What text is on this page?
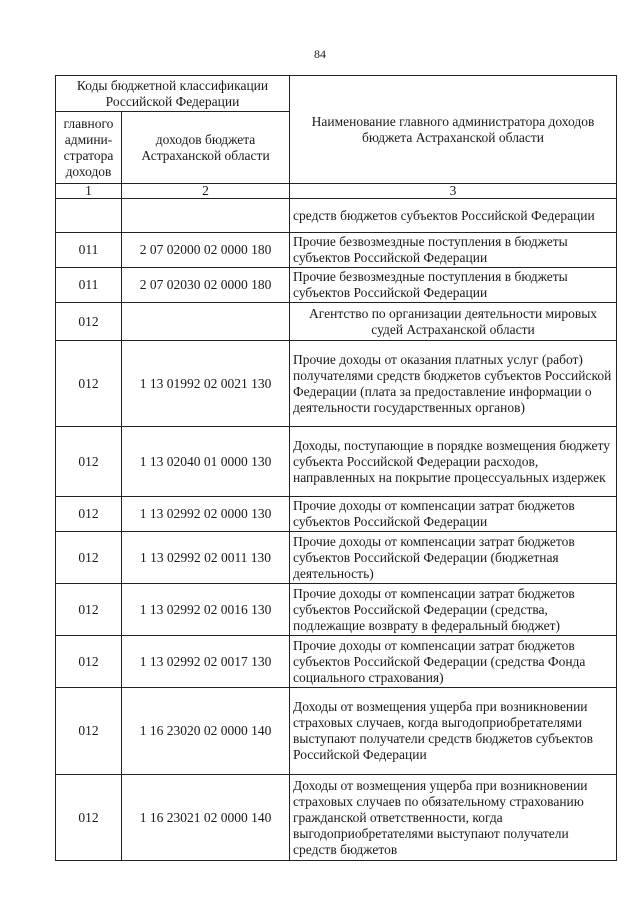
84
Коды бюджетной классификации Российской Федерации		Наименование главного администратора доходов бюджета Астраханской области
главного админи-стратора доходов	доходов бюджета Астраханской области	
1	2	3
		средств бюджетов субъектов Российской Федерации
011	2 07 02000 02 0000 180	Прочие безвозмездные поступления в бюджеты субъектов Российской Федерации
011	2 07 02030 02 0000 180	Прочие безвозмездные поступления в бюджеты субъектов Российской Федерации
012		Агентство по организации деятельности мировых судей Астраханской области
012	1 13 01992 02 0021 130	Прочие доходы от оказания платных услуг (работ) получателями средств бюджетов субъектов Российской Федерации (плата за предоставление информации о деятельности государственных органов)
012	1 13 02040 01 0000 130	Доходы, поступающие в порядке возмещения бюджету субъекта Российской Федерации расходов, направленных на покрытие процессуальных издержек
012	1 13 02992 02 0000 130	Прочие доходы от компенсации затрат бюджетов субъектов Российской Федерации
012	1 13 02992 02 0011 130	Прочие доходы от компенсации затрат бюджетов субъектов Российской Федерации (бюджетная деятельность)
012	1 13 02992 02 0016 130	Прочие доходы от компенсации затрат бюджетов субъектов Российской Федерации (средства, подлежащие возврату в федеральный бюджет)
012	1 13 02992 02 0017 130	Прочие доходы от компенсации затрат бюджетов субъектов Российской Федерации (средства Фонда социального страхования)
012	1 16 23020 02 0000 140	Доходы от возмещения ущерба при возникновении страховых случаев, когда выгодоприобретателями выступают получатели средств бюджетов субъектов Российской Федерации
012	1 16 23021 02 0000 140	Доходы от возмещения ущерба при возникновении страховых случаев по обязательному страхованию гражданской ответственности, когда выгодоприобретателями выступают получатели средств бюджетов
